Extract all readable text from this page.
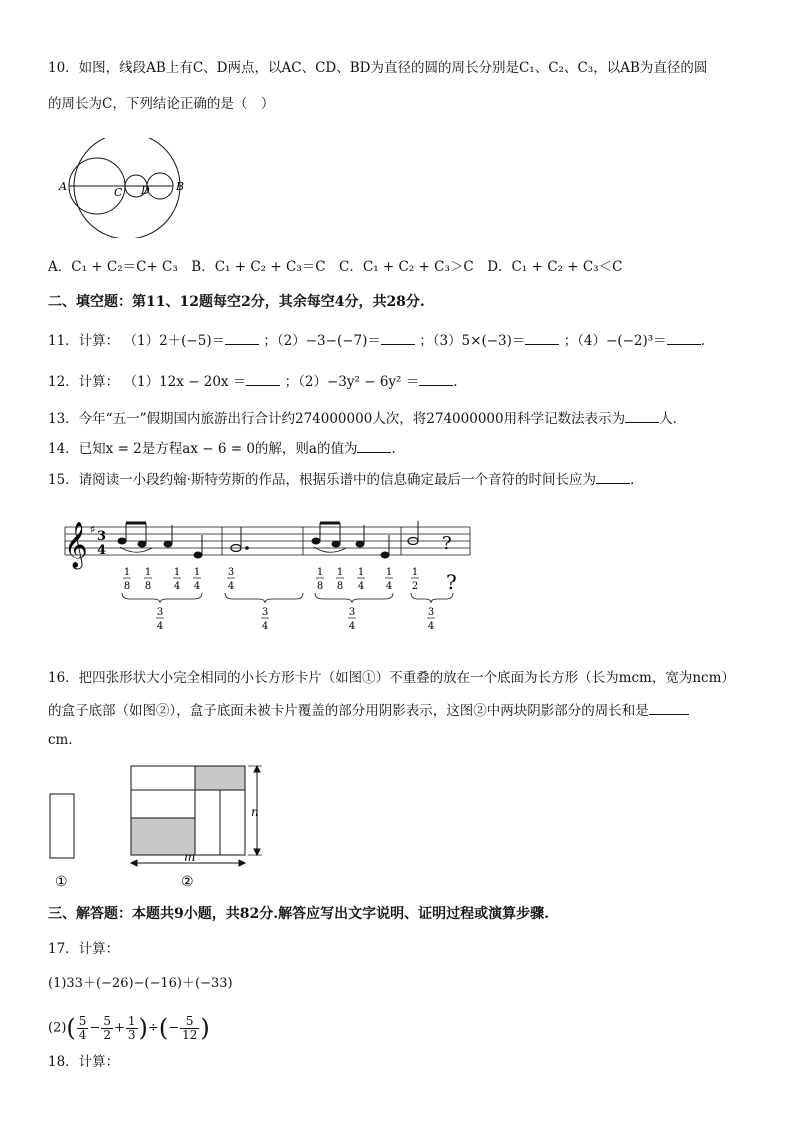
10．如图，线段AB上有C、D两点，以AC、CD、BD为直径的圆的周长分别是C₁、C₂、C₃，以AB为直径的圆
的周长为C，下列结论正确的是（　）
A	C D B
A．C₁ + C₂＝C+ C₃　B．C₁ + C₂ + C₃＝C　C．C₁ + C₂ + C₃＞C　D．C₁ + C₂ + C₃＜C
二、填空题：第11、12题每空2分，其余每空4分，共28分.
11．计算： （1）2＋(−5)＝	；（2）−3−(−7)＝	；（3）5×(−3)＝	；（4）−(−2)³＝	.
12．计算： （1）12x − 20x ＝	；（2）−3y² − 6y² ＝	.
13．今年“五一”假期国内旅游出行合计约274000000人次，将274000000用科学记数法表示为	人．
14．已知x = 2是方程ax − 6 = 0的解，则a的值为	.
15．请阅读一小段约翰·斯特劳斯的作品，根据乐谱中的信息确定最后一个音符的时间长应为	.
𝄞 ♯ 3
4	?
1
8
1
8
1
4
1
4
3
4
1
8
1
8
1
4
1
4
1
2 ?
3
4
3
4
3
4
3
4
16．把四张形状大小完全相同的小长方形卡片（如图①）不重叠的放在一个底面为长方形（长为mcm，宽为ncm）
的盒子底部（如图②），盒子底面未被卡片覆盖的部分用阴影表示，这图②中两块阴影部分的周长和是
cm．
①
n
m
②
三、解答题：本题共9小题，共82分.解答应写出文字说明、证明过程或演算步骤.
17．计算：
(1)33＋(−26)−(−16)＋(−33)
$(2)( \frac{5}{4} - \frac{5}{2} + \frac{1}{3}$ )÷(− $\frac{5}{12}$ )
18．计算：
